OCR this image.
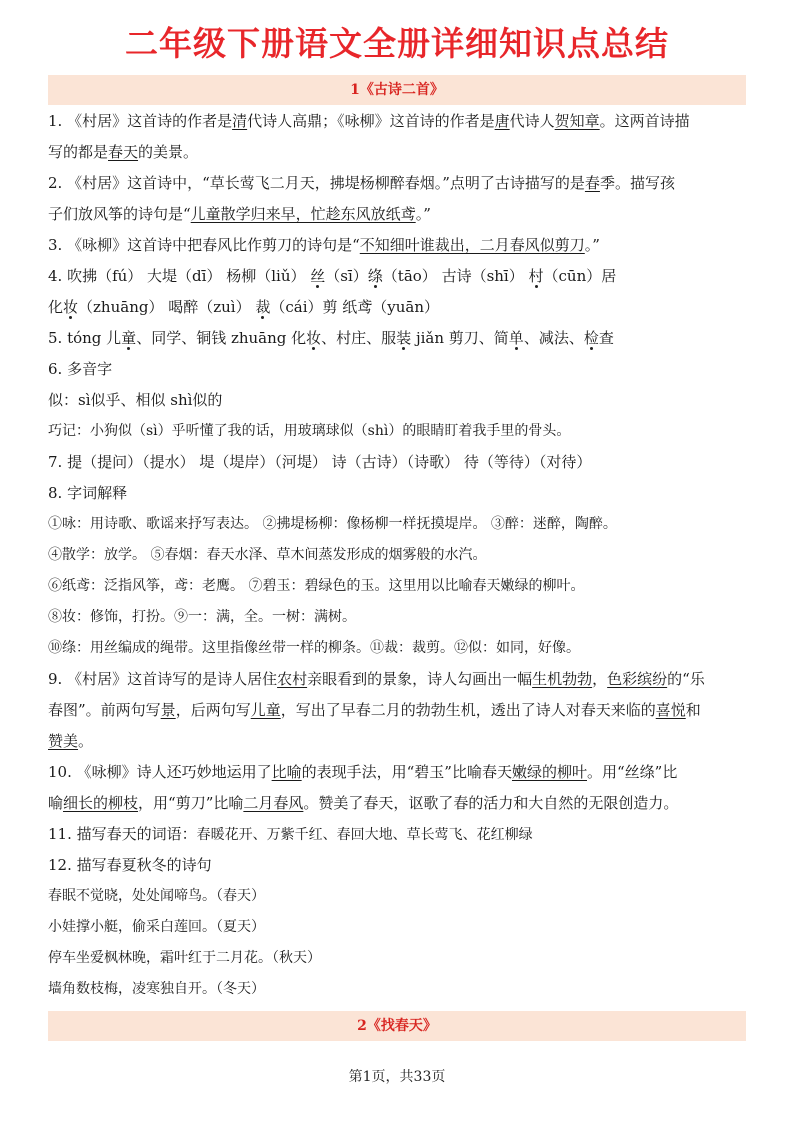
二年级下册语文全册详细知识点总结
1《古诗二首》
1. 《村居》这首诗的作者是清代诗人高鼎；《咏柳》这首诗的作者是唐代诗人贺知章。这两首诗描
写的都是春天的美景。
2. 《村居》这首诗中，“草长莺飞二月天，拂堤杨柳醉春烟。”点明了古诗描写的是春季。描写孩
子们放风筝的诗句是“儿童散学归来早，忙趁东风放纸鸢。”
3. 《咏柳》这首诗中把春风比作剪刀的诗句是“不知细叶谁裁出，二月春风似剪刀。”
4. 吹拂（fú） 大堤（dī） 杨柳（liǔ） 丝（sī）绦（tāo） 古诗（shī） 村（cūn）居
化妆（zhuāng） 喝醉（zuì） 裁（cái）剪 纸鸢（yuān）
5. tóng 儿童、同学、铜钱 zhuāng 化妆、村庄、服装 jiǎn 剪刀、简单、减法、检查
6. 多音字
似：sì似乎、相似 shì似的
巧记：小狗似（sì）乎听懂了我的话，用玻璃球似（shì）的眼睛盯着我手里的骨头。
7. 提（提问）（提水） 堤（堤岸）（河堤） 诗（古诗）（诗歌） 待（等待）（对待）
8. 字词解释
①咏：用诗歌、歌谣来抒写表达。 ②拂堤杨柳：像杨柳一样抚摸堤岸。 ③醉：迷醉，陶醉。
④散学：放学。 ⑤春烟：春天水泽、草木间蒸发形成的烟雾般的水汽。
⑥纸鸢：泛指风筝，鸢：老鹰。 ⑦碧玉：碧绿色的玉。这里用以比喻春天嫩绿的柳叶。
⑧妆：修饰，打扮。⑨一：满，全。一树：满树。
⑩绦：用丝编成的绳带。这里指像丝带一样的柳条。⑪裁：裁剪。⑫似：如同，好像。
9. 《村居》这首诗写的是诗人居住农村亲眼看到的景象，诗人勾画出一幅生机勃勃，色彩缤纷的“乐
春图”。前两句写景，后两句写儿童，写出了早春二月的勃勃生机，透出了诗人对春天来临的喜悦和
赞美。
10. 《咏柳》诗人还巧妙地运用了比喻的表现手法，用“碧玉”比喻春天嫩绿的柳叶。用“丝绦”比
喻细长的柳枝，用“剪刀”比喻二月春风。赞美了春天，讴歌了春的活力和大自然的无限创造力。
11. 描写春天的词语：春暖花开、万紫千红、春回大地、草长莺飞、花红柳绿
12. 描写春夏秋冬的诗句
春眠不觉晓，处处闻啼鸟。（春天）
小娃撑小艇，偷采白莲回。（夏天）
停车坐爱枫林晚，霜叶红于二月花。（秋天）
墙角数枝梅，凌寒独自开。（冬天）
2《找春天》
第1页，共33页
